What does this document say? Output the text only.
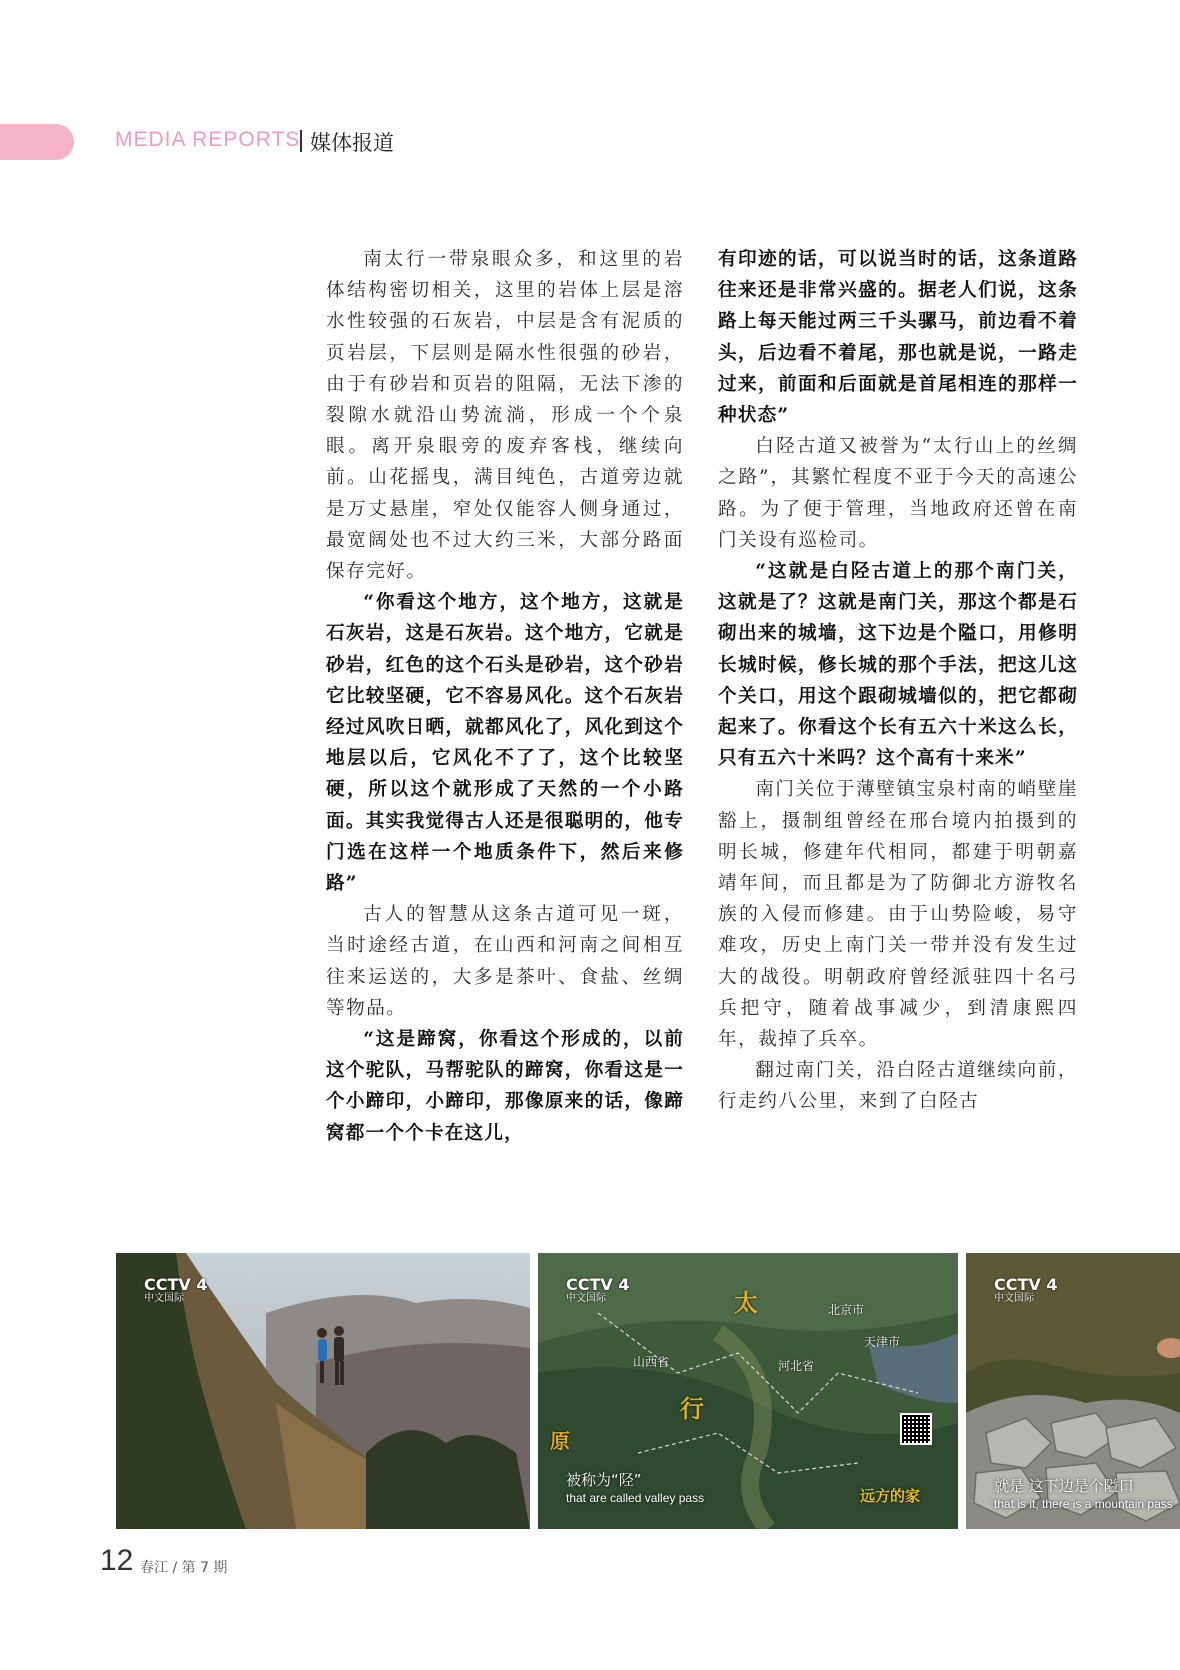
MEDIA REPORTS 媒体报道

南太行一带泉眼众多，和这里的岩体结构密切相关，这里的岩体上层是溶水性较强的石灰岩，中层是含有泥质的页岩层，下层则是隔水性很强的砂岩，由于有砂岩和页岩的阻隔，无法下渗的裂隙水就沿山势流淌，形成一个个泉眼。离开泉眼旁的废弃客栈，继续向前。山花摇曳，满目纯色，古道旁边就是万丈悬崖，窄处仅能容人侧身通过，最宽阔处也不过大约三米，大部分路面保存完好。

“你看这个地方，这个地方，这就是石灰岩，这是石灰岩。这个地方，它就是砂岩，红色的这个石头是砂岩，这个砂岩它比较坚硬，它不容易风化。这个石灰岩经过风吹日晒，就都风化了，风化到这个地层以后，它风化不了了，这个比较坚硬，所以这个就形成了天然的一个小路面。其实我觉得古人还是很聪明的，他专门选在这样一个地质条件下，然后来修路”

古人的智慧从这条古道可见一斑，当时途经古道，在山西和河南之间相互往来运送的，大多是茶叶、食盐、丝绸等物品。

“这是蹄窝，你看这个形成的，以前这个驼队，马帮驼队的蹄窝，你看这是一个小蹄印，小蹄印，那像原来的话，像蹄窝都一个个卡在这儿，

有印迹的话，可以说当时的话，这条道路往来还是非常兴盛的。据老人们说，这条路上每天能过两三千头骡马，前边看不着头，后边看不着尾，那也就是说，一路走过来，前面和后面就是首尾相连的那样一种状态”

白陉古道又被誉为“太行山上的丝绸之路”，其繁忙程度不亚于今天的高速公路。为了便于管理，当地政府还曾在南门关设有巡检司。

“这就是白陉古道上的那个南门关，这就是了？这就是南门关，那这个都是石砌出来的城墙，这下边是个隘口，用修明长城时候，修长城的那个手法，把这儿这个关口，用这个跟砌城墙似的，把它都砌起来了。你看这个长有五六十米这么长，只有五六十米吗？这个高有十来米”

南门关位于薄壁镇宝泉村南的峭壁崖豁上，摄制组曾经在邢台境内拍摄到的明长城，修建年代相同，都建于明朝嘉靖年间，而且都是为了防御北方游牧名族的入侵而修建。由于山势险峻，易守难攻，历史上南门关一带并没有发生过大的战役。明朝政府曾经派驻四十名弓兵把守，随着战事减少，到清康熙四年，裁掉了兵卒。

翻过南门关，沿白陉古道继续向前，行走约八公里，来到了白陉古

CCTV 4
中文国际
CCTV 4
中文国际
北京市
山西省
天津市
河北省
太
行
原
被称为“陉”
that are called valley pass	远方的家
CCTV 4
中文国际
就是 这下边是个隘口
that is it, there is a mountain pass
12 春江 / 第 7 期
